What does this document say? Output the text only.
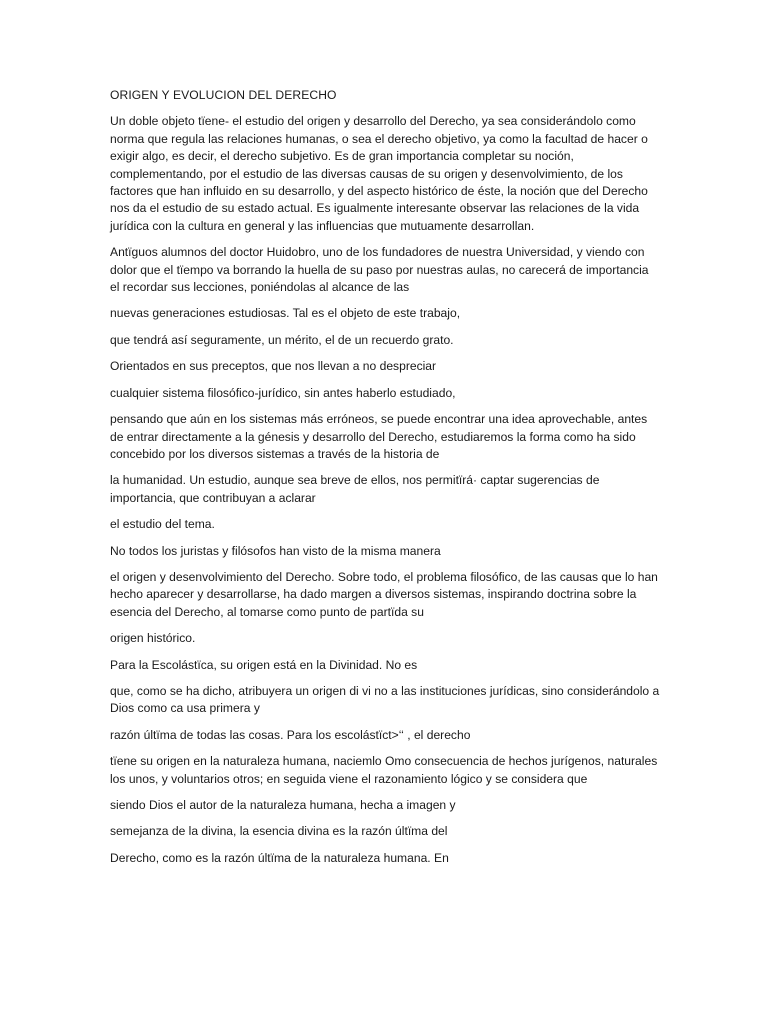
ORIGEN Y EVOLUCION DEL DERECHO
Un doble objeto tïene- el estudio del origen y desarrollo del Derecho, ya sea considerándolo como norma que regula las relaciones humanas, o sea el derecho objetivo, ya como la facultad de hacer o exigir algo, es decir, el derecho subjetivo. Es de gran importancia completar su noción, complementando, por el estudio de las diversas causas de su origen y desenvolvimiento, de los factores que han influido en su desarrollo, y del aspecto histórico de éste, la noción que del Derecho nos da el estudio de su estado actual. Es igualmente interesante observar las relaciones de la vida jurídica con la cultura en general y las influencias que mutuamente desarrollan.
Antïguos alumnos del doctor Huidobro, uno de los fundadores de nuestra Universidad, y viendo con dolor que el tïempo va borrando la huella de su paso por nuestras aulas, no carecerá de importancia el recordar sus lecciones, poniéndolas al alcance de las
nuevas generaciones estudiosas. Tal es el objeto de este trabajo,
que tendrá así seguramente, un mérito, el de un recuerdo grato.
Orientados en sus preceptos, que nos llevan a no despreciar
cualquier sistema filosófico-jurídico, sin antes haberlo estudiado,
pensando que aún en los sistemas más erróneos, se puede encontrar una idea aprovechable, antes de entrar directamente a la génesis y desarrollo del Derecho, estudiaremos la forma como ha sido concebido por los diversos sistemas a través de la historia de
la humanidad. Un estudio, aunque sea breve de ellos, nos permitïrá· captar sugerencias de importancia, que contribuyan a aclarar
el estudio del tema.
No todos los juristas y filósofos han visto de la misma manera
el origen y desenvolvimiento del Derecho. Sobre todo, el problema filosófico, de las causas que lo han hecho aparecer y desarrollarse, ha dado margen a diversos sistemas, inspirando doctrina sobre la esencia del Derecho, al tomarse como punto de partïda su
origen histórico.
Para la Escolástïca, su origen está en la Divinidad. No es
que, como se ha dicho, atribuyera un origen di vi no a las instituciones jurídicas, sino considerándolo a Dios como ca usa primera y
razón últïma de todas las cosas. Para los escolástïct>‘‘ , el derecho
tïene su origen en la naturaleza humana, naciemlo Omo consecuencia de hechos jurígenos, naturales los unos, y voluntarios otros; en seguida viene el razonamiento lógico y se considera que
siendo Dios el autor de la naturaleza humana, hecha a imagen y
semejanza de la divina, la esencia divina es la razón últïma del
Derecho, como es la razón últïma de la naturaleza humana. En
